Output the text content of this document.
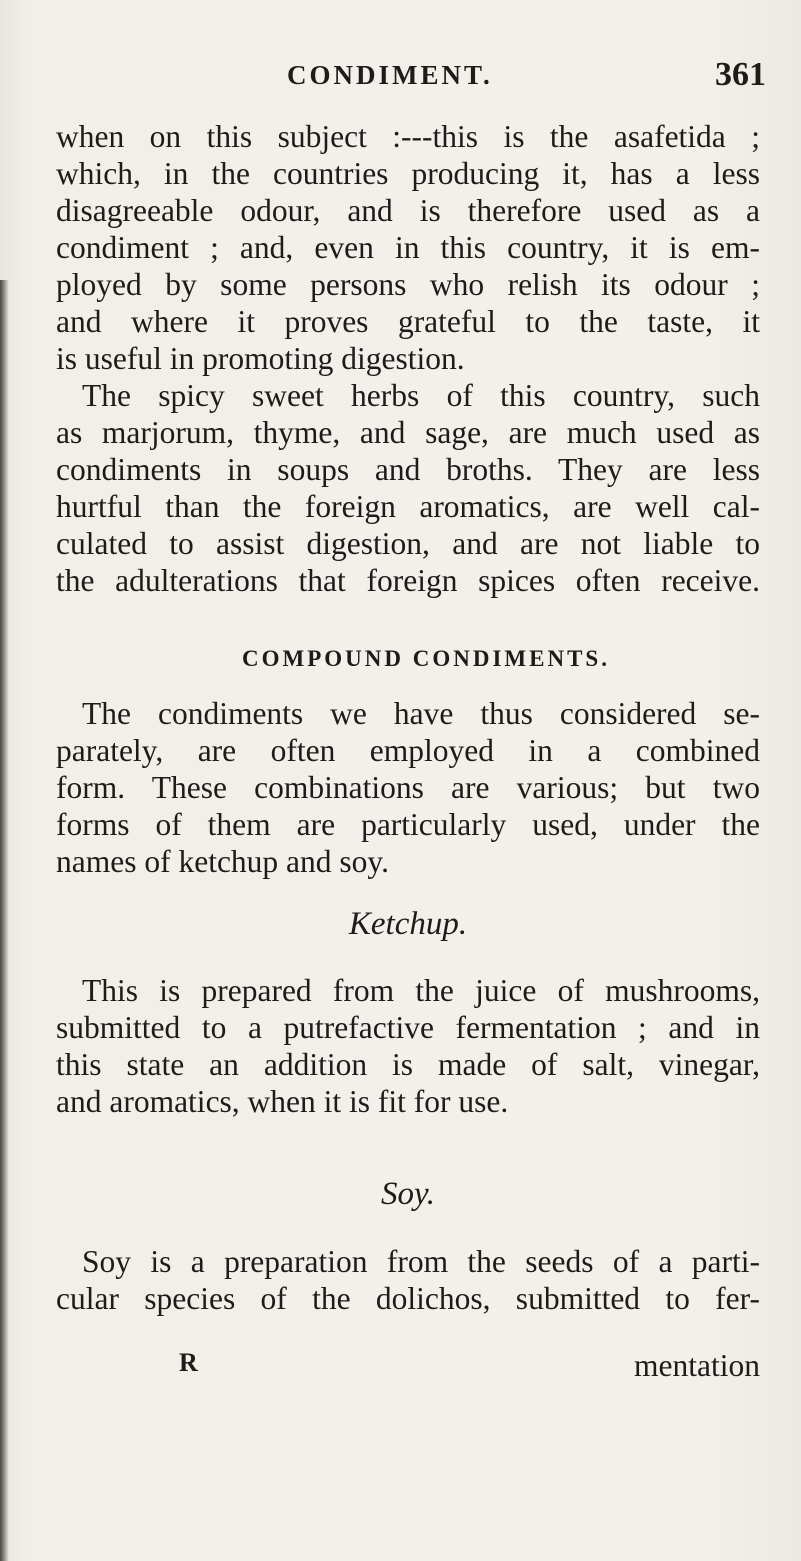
CONDIMENT.	361
when on this subject :---this is the asafetida ;
which, in the countries producing it, has a less
disagreeable odour, and is therefore used as a
condiment ; and, even in this country, it is em-
ployed by some persons who relish its odour ;
and where it proves grateful to the taste, it
is useful in promoting digestion.
The spicy sweet herbs of this country, such
as marjorum, thyme, and sage, are much used as
condiments in soups and broths. They are less
hurtful than the foreign aromatics, are well cal-
culated to assist digestion, and are not liable to
the adulterations that foreign spices often receive.
COMPOUND CONDIMENTS.
The condiments we have thus considered se-
parately, are often employed in a combined
form. These combinations are various; but two
forms of them are particularly used, under the
names of ketchup and soy.
Ketchup.
This is prepared from the juice of mushrooms,
submitted to a putrefactive fermentation ; and in
this state an addition is made of salt, vinegar,
and aromatics, when it is fit for use.
Soy.
Soy is a preparation from the seeds of a parti-
cular species of the dolichos, submitted to fer-
R	mentation
